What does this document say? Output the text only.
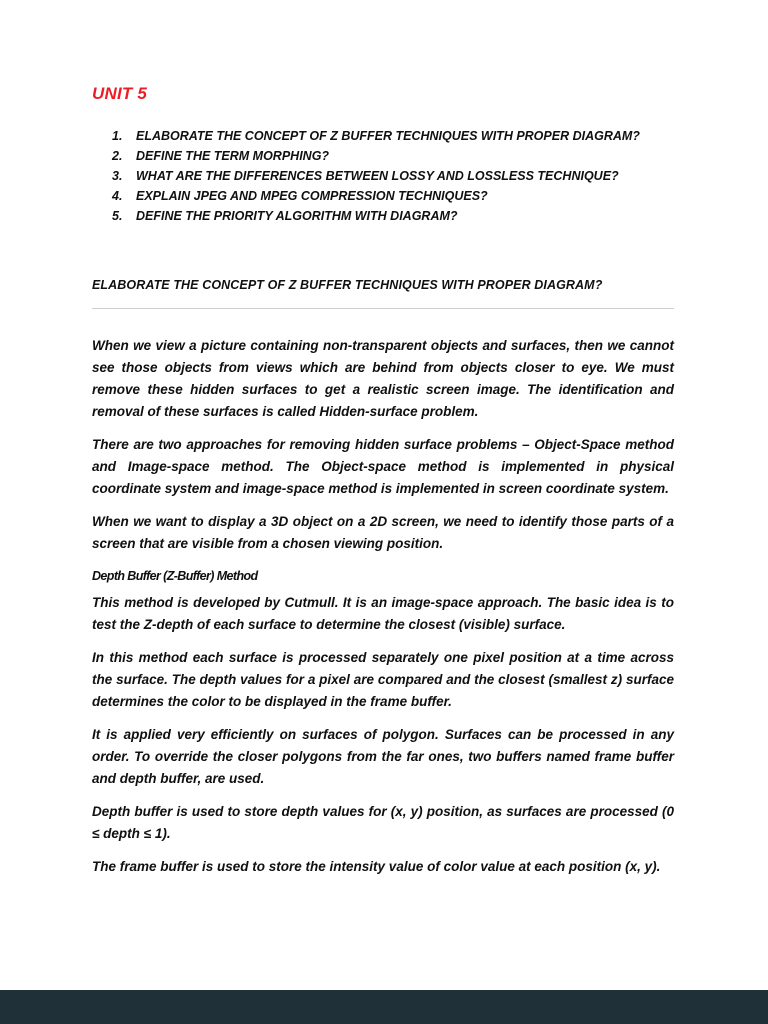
UNIT 5
1.	ELABORATE THE CONCEPT OF Z BUFFER TECHNIQUES WITH PROPER DIAGRAM?
2.	DEFINE THE TERM MORPHING?
3.	WHAT ARE THE DIFFERENCES BETWEEN LOSSY AND LOSSLESS TECHNIQUE?
4.	EXPLAIN JPEG AND MPEG COMPRESSION TECHNIQUES?
5.	DEFINE THE PRIORITY ALGORITHM WITH DIAGRAM?
ELABORATE THE CONCEPT OF Z BUFFER TECHNIQUES WITH PROPER DIAGRAM?

When we view a picture containing non-transparent objects and surfaces, then we cannot see those objects from views which are behind from objects closer to eye. We must remove these hidden surfaces to get a realistic screen image. The identification and removal of these surfaces is called Hidden-surface problem.

There are two approaches for removing hidden surface problems – Object-Space method and Image-space method. The Object-space method is implemented in physical coordinate system and image-space method is implemented in screen coordinate system.

When we want to display a 3D object on a 2D screen, we need to identify those parts of a screen that are visible from a chosen viewing position.

Depth Buffer (Z-Buffer) Method

This method is developed by Cutmull. It is an image-space approach. The basic idea is to test the Z-depth of each surface to determine the closest (visible) surface.

In this method each surface is processed separately one pixel position at a time across the surface. The depth values for a pixel are compared and the closest (smallest z) surface determines the color to be displayed in the frame buffer.

It is applied very efficiently on surfaces of polygon. Surfaces can be processed in any order. To override the closer polygons from the far ones, two buffers named frame buffer and depth buffer, are used.

Depth buffer is used to store depth values for (x, y) position, as surfaces are processed (0 ≤ depth ≤ 1).

The frame buffer is used to store the intensity value of color value at each position (x, y).
